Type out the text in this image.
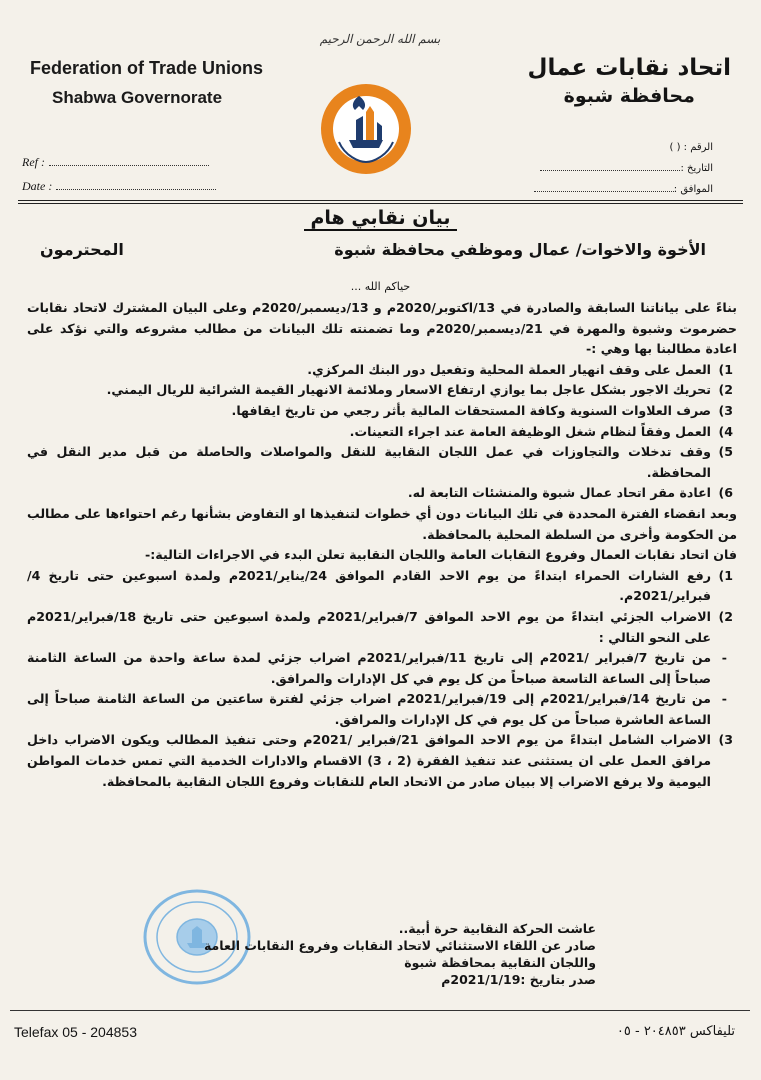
بسم الله الرحمن الرحيم
Federation of Trade Unions
Shabwa Governorate
اتحاد نقابات عمال
محافظة شبوة
Ref :
Date :
الرقم : ( )
التاريخ :
الموافق :
بيان نقابي هام
الأخوة والاخوات/ عمال وموظفي محافظة شبوة
المحترمون
حياكم الله ...

بناءً على بياناتنا السابقة والصادرة في 13/اكتوبر/2020م و 13/ديسمبر/2020م وعلى البيان المشترك لاتحاد نقابات حضرموت وشبوة والمهرة في 21/ديسمبر/2020م وما تضمنته تلك البيانات من مطالب مشروعه والتي نؤكد على اعادة مطالبنا بها وهي :-

1)
العمل على وقف انهيار العملة المحلية وتفعيل دور البنك المركزي.
2)
تحريك الاجور بشكل عاجل بما يوازي ارتفاع الاسعار وملائمة الانهيار القيمة الشرائية للريال اليمني.
3)
صرف العلاوات السنوية وكافة المستحقات المالية بأثر رجعي من تاريخ ايقافها.
4)
العمل وفقاً لنظام شغل الوظيفة العامة عند اجراء التعينات.
5)
وقف تدخلات والتجاوزات في عمل اللجان النقابية للنقل والمواصلات والحاصلة من قبل مدير النقل في المحافظة.
6)
اعادة مقر اتحاد عمال شبوة والمنشئات التابعة له.

وبعد انقضاء الفترة المحددة في تلك البيانات دون أي خطوات لتنفيذها او التفاوض بشأنها رغم احتواءها على مطالب من الحكومة وأخرى من السلطة المحلية بالمحافظة.

فان اتحاد نقابات العمال وفروع النقابات العامة واللجان النقابية تعلن البدء في الاجراءات التالية:-

1)
رفع الشارات الحمراء ابتداءً من يوم الاحد القادم الموافق 24/يناير/2021م ولمدة اسبوعين حتى تاريخ 4/فبراير/2021م.
2)
الاضراب الجزئي ابتداءً من يوم الاحد الموافق 7/فبراير/2021م ولمدة اسبوعين حتى تاريخ 18/فبراير/2021م على النحو التالي :
-
من تاريخ 7/فبراير /2021م إلى تاريخ 11/فبراير/2021م اضراب جزئي لمدة ساعة واحدة من الساعة الثامنة صباحاً إلى الساعة التاسعة صباحاً من كل يوم في كل الإدارات والمرافق.
-
من تاريخ 14/فبراير/2021م إلى 19/فبراير/2021م اضراب جزئي لفترة ساعتين من الساعة الثامنة صباحاً إلى الساعة العاشرة صباحاً من كل يوم في كل الإدارات والمرافق.
3)
الاضراب الشامل ابتداءً من يوم الاحد الموافق 21/فبراير /2021م وحتى تنفيذ المطالب ويكون الاضراب داخل مرافق العمل على ان يستثنى عند تنفيذ الفقرة (2 ، 3) الاقسام والادارات الخدمية التي تمس خدمات المواطن اليومية ولا يرفع الاضراب إلا ببيان صادر من الاتحاد العام للنقابات وفروع اللجان النقابية بالمحافظة.
عاشت الحركة النقابية حرة أبية..
صادر عن اللقاء الاستثنائي لاتحاد النقابات وفروع النقابات العامة
واللجان النقابية بمحافظة شبوة
صدر بتاريخ :2021/1/19م
Telefax 05 - 204853	تليفاكس ٢٠٤٨٥٣ - ٠٥
